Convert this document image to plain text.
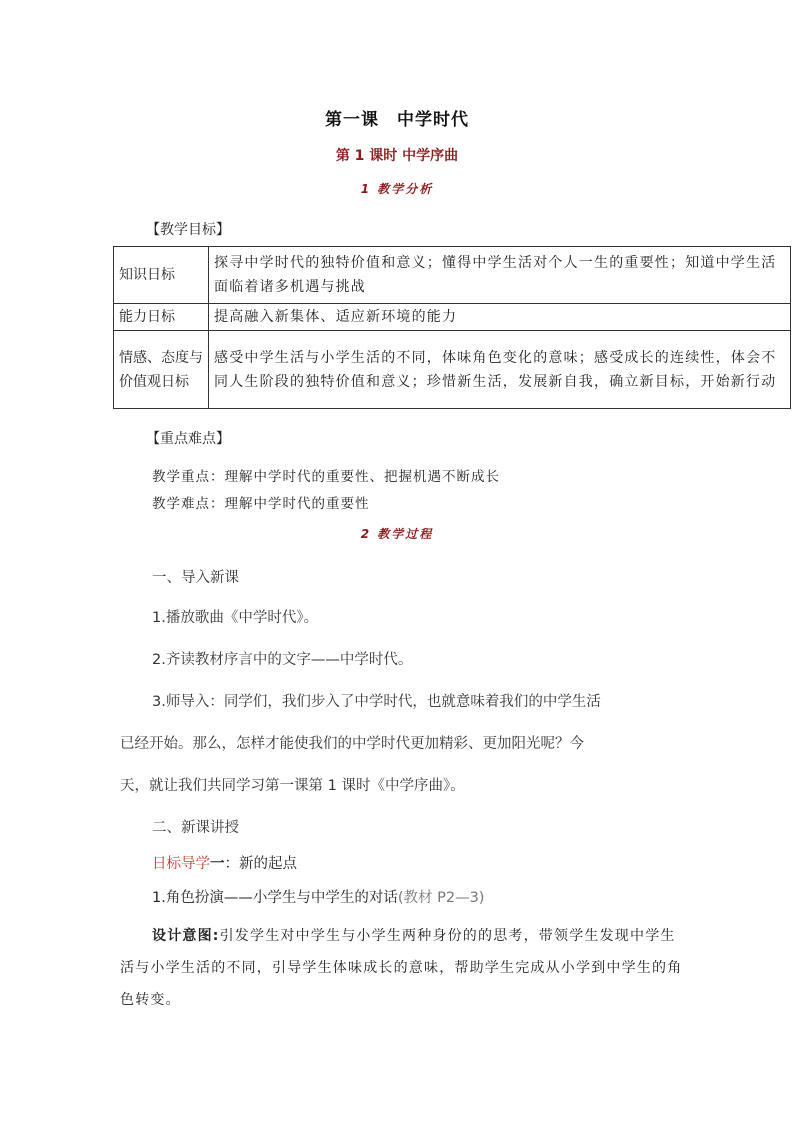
第一课　中学时代
第 1 课时 中学序曲
1 教学分析
【教学目标】
知识日标	探寻中学时代的独特价值和意义；懂得中学生活对个人一生的重要性；知道中学生活面临着诸多机遇与挑战
能力日标	提高融入新集体、适应新环境的能力
情感、态度与价值观日标	感受中学生活与小学生活的不同，体味角色变化的意味；感受成长的连续性，体会不同人生阶段的独特价值和意义；珍惜新生活，发展新自我，确立新目标，开始新行动
【重点难点】
教学重点：理解中学时代的重要性、把握机遇不断成长
教学难点：理解中学时代的重要性
2 教学过程
一、导入新课
1.播放歌曲《中学时代》。
2.齐读教材序言中的文字——中学时代。
3.师导入：同学们，我们步入了中学时代，也就意味着我们的中学生活
已经开始。那么，怎样才能使我们的中学时代更加精彩、更加阳光呢？今
天，就让我们共同学习第一课第 1 课时《中学序曲》。
二、新课讲授
日标导学一：新的起点
1.角色扮演——小学生与中学生的对话(教材 P2—3)
设计意图:引发学生对中学生与小学生两种身份的的思考，带领学生发现中学生活与小学生活的不同，引导学生体味成长的意味，帮助学生完成从小学到中学生的角色转变。
